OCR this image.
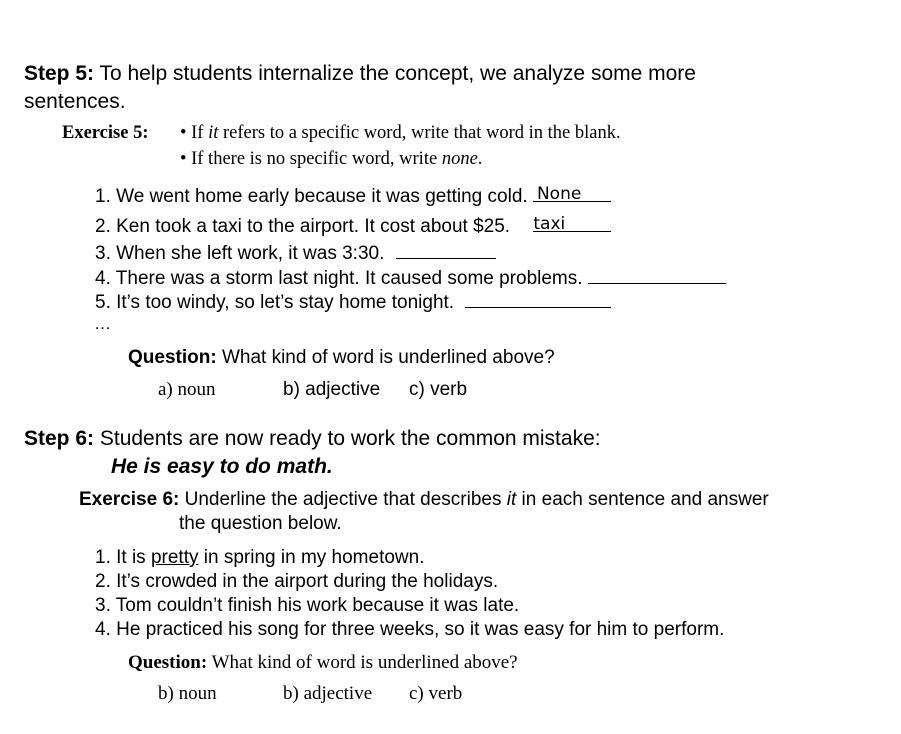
Step 5: To help students internalize the concept, we analyze some more
sentences.
Exercise 5: • If it refers to a specific word, write that word in the blank.
• If there is no specific word, write none.
1. We went home early because it was getting cold. None
2. Ken took a taxi to the airport. It cost about $25. taxi
3. When she left work, it was 3:30.
4. There was a storm last night. It caused some problems.
5. It’s too windy, so let’s stay home tonight.
…
Question: What kind of word is underlined above?
a) noun	b) adjective c) verb
Step 6: Students are now ready to work the common mistake:
He is easy to do math.
Exercise 6: Underline the adjective that describes it in each sentence and answer
the question below.
1. It is pretty in spring in my hometown.
2. It’s crowded in the airport during the holidays.
3. Tom couldn’t finish his work because it was late.
4. He practiced his song for three weeks, so it was easy for him to perform.
Question: What kind of word is underlined above?
b) noun	b) adjective c) verb
